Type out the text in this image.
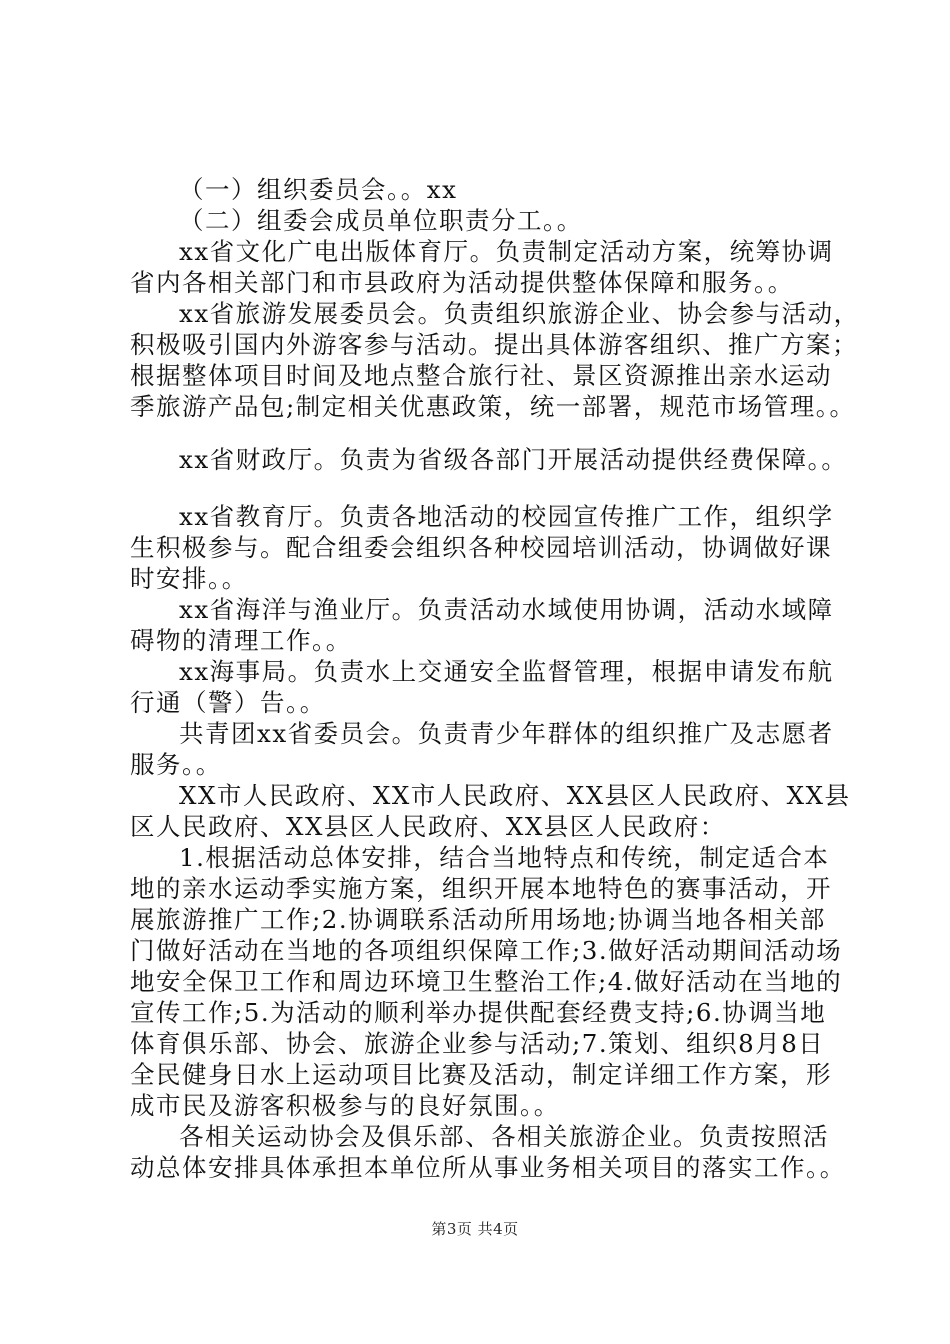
（一）组织委员会。。xx
（二）组委会成员单位职责分工。。
xx省文化广电出版体育厅。负责制定活动方案，统筹协调
省内各相关部门和市县政府为活动提供整体保障和服务。。
xx省旅游发展委员会。负责组织旅游企业、协会参与活动，
积极吸引国内外游客参与活动。提出具体游客组织、推广方案；
根据整体项目时间及地点整合旅行社、景区资源推出亲水运动
季旅游产品包;制定相关优惠政策，统一部署，规范市场管理。。
xx省财政厅。负责为省级各部门开展活动提供经费保障。。
xx省教育厅。负责各地活动的校园宣传推广工作，组织学
生积极参与。配合组委会组织各种校园培训活动，协调做好课
时安排。。
xx省海洋与渔业厅。负责活动水域使用协调，活动水域障
碍物的清理工作。。
xx海事局。负责水上交通安全监督管理，根据申请发布航
行通（警）告。。
共青团xx省委员会。负责青少年群体的组织推广及志愿者
服务。。
XX市人民政府、XX市人民政府、XX县区人民政府、XX县
区人民政府、XX县区人民政府、XX县区人民政府：
1.根据活动总体安排，结合当地特点和传统，制定适合本
地的亲水运动季实施方案，组织开展本地特色的赛事活动，开
展旅游推广工作;2.协调联系活动所用场地;协调当地各相关部
门做好活动在当地的各项组织保障工作;3.做好活动期间活动场
地安全保卫工作和周边环境卫生整治工作;4.做好活动在当地的
宣传工作;5.为活动的顺利举办提供配套经费支持;6.协调当地
体育俱乐部、协会、旅游企业参与活动;7.策划、组织8月8日
全民健身日水上运动项目比赛及活动，制定详细工作方案，形
成市民及游客积极参与的良好氛围。。
各相关运动协会及俱乐部、各相关旅游企业。负责按照活
动总体安排具体承担本单位所从事业务相关项目的落实工作。。
第3页 共4页
